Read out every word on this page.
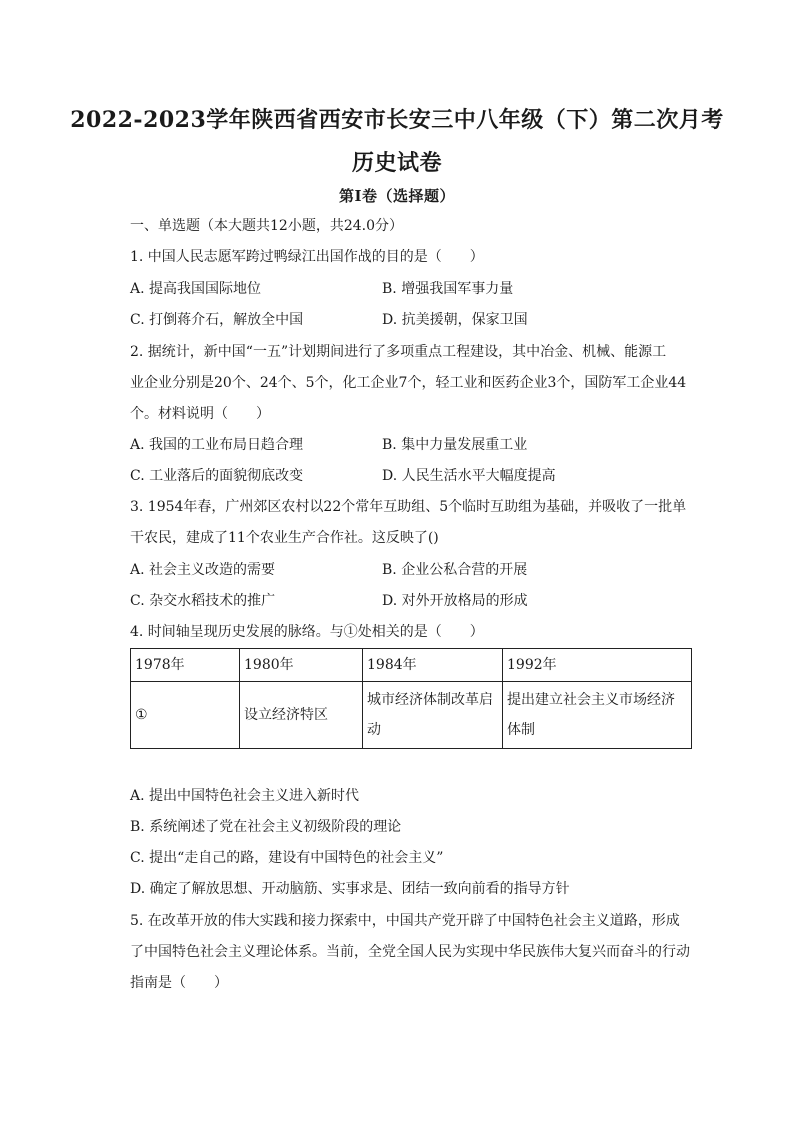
2022-2023学年陕西省西安市长安三中八年级（下）第二次月考
历史试卷
第I卷（选择题）
一、单选题（本大题共12小题，共24.0分）
1. 中国人民志愿军跨过鸭绿江出国作战的目的是（　　）
A. 提高我国国际地位	B. 增强我国军事力量
C. 打倒蒋介石，解放全中国	D. 抗美援朝，保家卫国
2. 据统计，新中国“一五”计划期间进行了多项重点工程建设，其中冶金、机械、能源工
业企业分别是20个、24个、5个，化工企业7个，轻工业和医药企业3个，国防军工企业44
个。材料说明（　　）
A. 我国的工业布局日趋合理	B. 集中力量发展重工业
C. 工业落后的面貌彻底改变	D. 人民生活水平大幅度提高
3. 1954年春，广州郊区农村以22个常年互助组、5个临时互助组为基础，并吸收了一批单
干农民，建成了11个农业生产合作社。这反映了()
A. 社会主义改造的需要	B. 企业公私合营的开展
C. 杂交水稻技术的推广	D. 对外开放格局的形成
4. 时间轴呈现历史发展的脉络。与①处相关的是（　　）
1978年	1980年	1984年	1992年
①	设立经济特区	城市经济体制改革启动	提出建立社会主义市场经济体制
A. 提出中国特色社会主义进入新时代
B. 系统阐述了党在社会主义初级阶段的理论
C. 提出“走自己的路，建设有中国特色的社会主义”
D. 确定了解放思想、开动脑筋、实事求是、团结一致向前看的指导方针
5. 在改革开放的伟大实践和接力探索中，中国共产党开辟了中国特色社会主义道路，形成
了中国特色社会主义理论体系。当前，全党全国人民为实现中华民族伟大复兴而奋斗的行动
指南是（　　）
